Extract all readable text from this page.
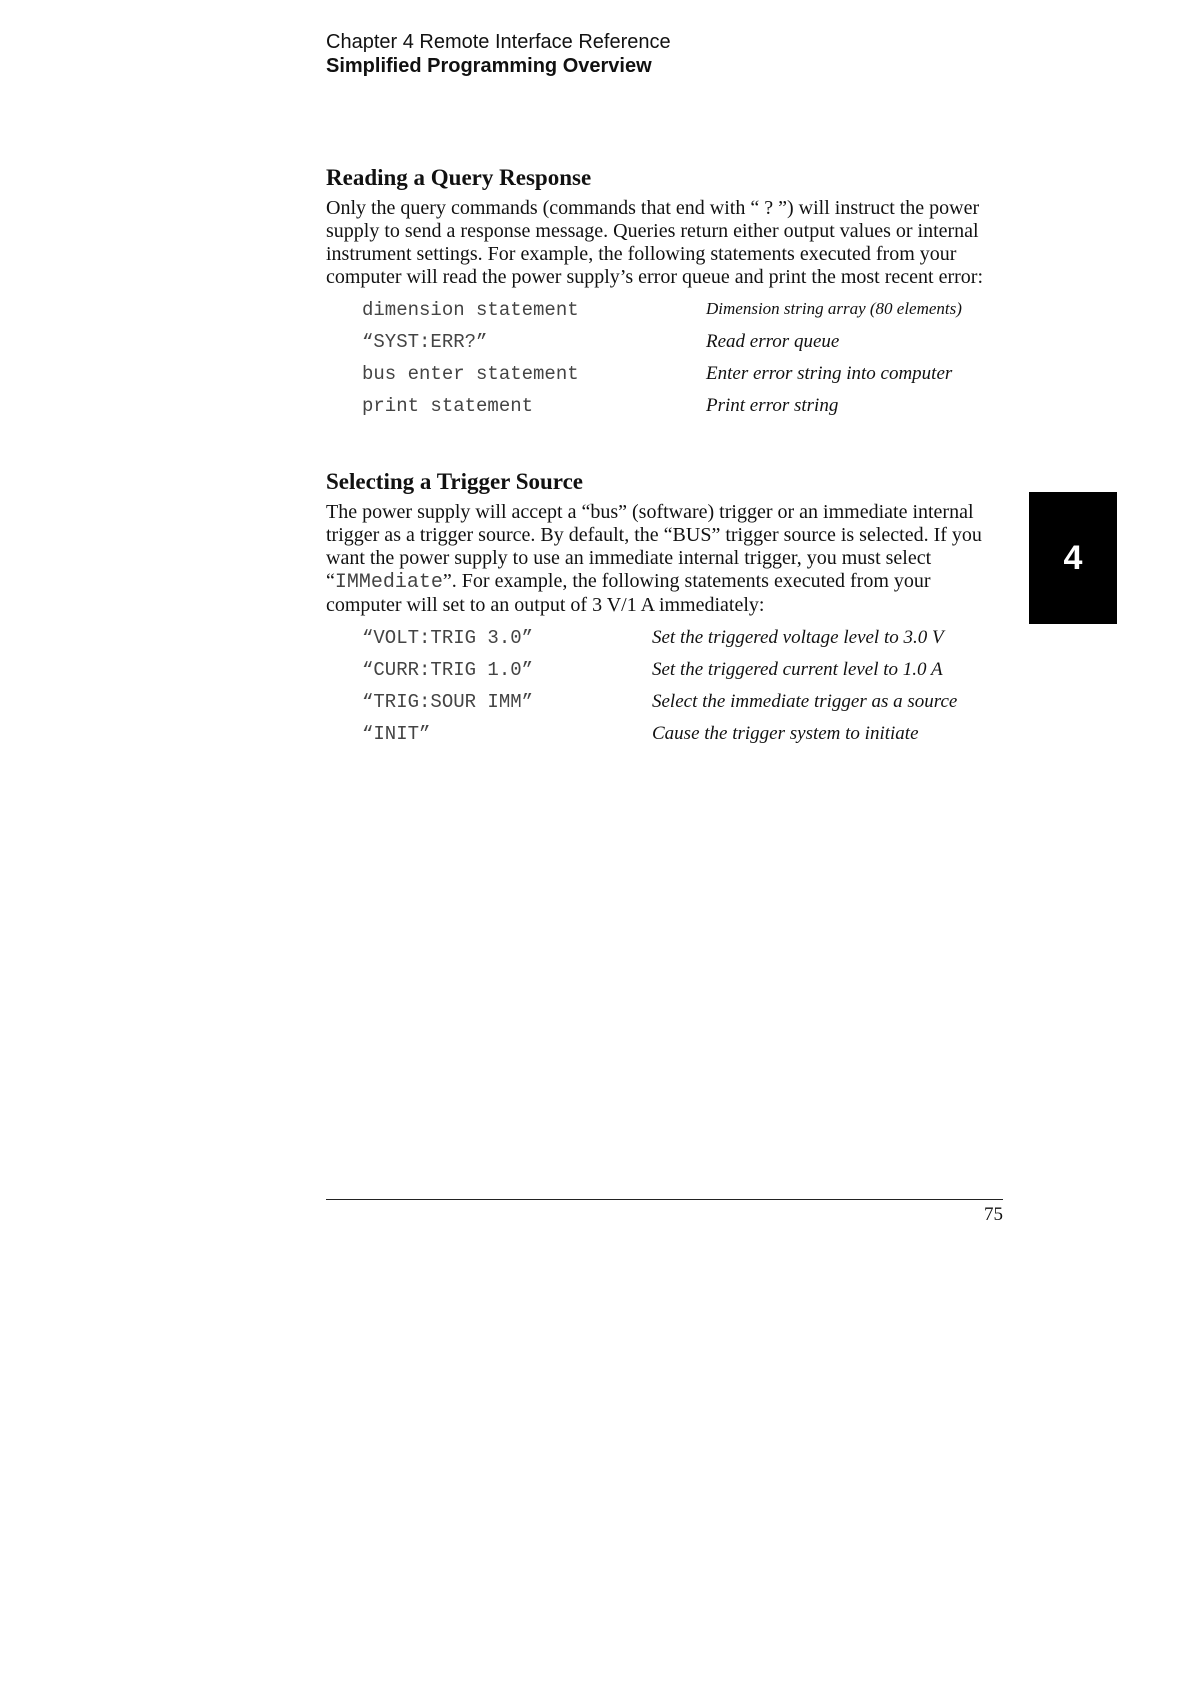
Chapter 4 Remote Interface Reference
Simplified Programming Overview
Reading a Query Response

Only the query commands (commands that end with “ ? ”) will instruct the power supply to send a response message. Queries return either output values or internal instrument settings. For example, the following statements executed from your computer will read the power supply’s error queue and print the most recent error:

dimension statement	Dimension string array (80 elements)
“SYST:ERR?”	Read error queue
bus enter statement	Enter error string into computer
print statement	Print error string
Selecting a Trigger Source

The power supply will accept a “bus” (software) trigger or an immediate internal trigger as a trigger source. By default, the “BUS” trigger source is selected. If you want the power supply to use an immediate internal trigger, you must select “IMMediate”. For example, the following statements executed from your computer will set to an output of 3 V/1 A immediately:

“VOLT:TRIG 3.0”	Set the triggered voltage level to 3.0 V
“CURR:TRIG 1.0”	Set the triggered current level to 1.0 A
“TRIG:SOUR IMM”	Select the immediate trigger as a source
“INIT”	Cause the trigger system to initiate
4
75
